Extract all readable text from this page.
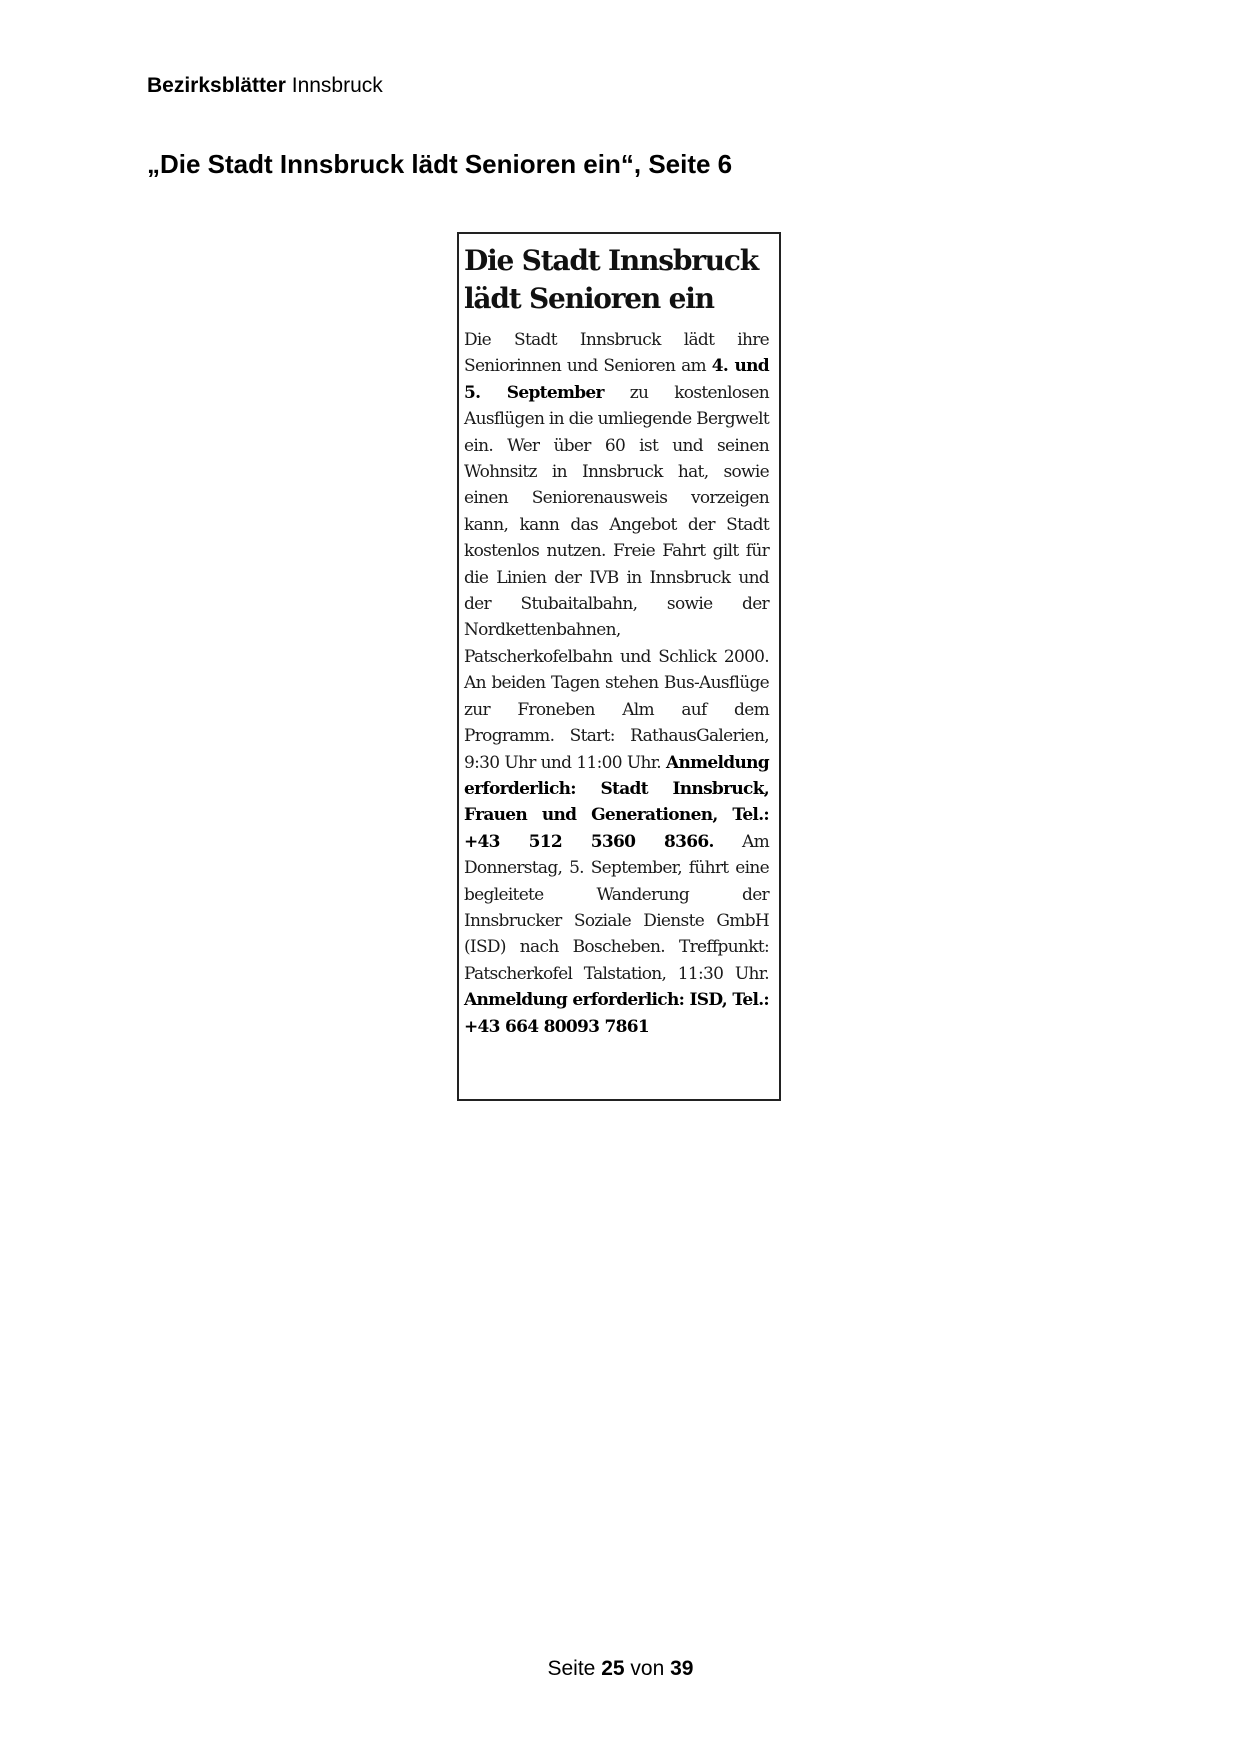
Bezirksblätter Innsbruck
„Die Stadt Innsbruck lädt Senioren ein“, Seite 6
Die Stadt Innsbruck
lädt Senioren ein

Die Stadt Innsbruck lädt ihre Seniorinnen und Senioren am 4. und 5. September zu kostenlosen Ausflügen in die umliegende Bergwelt ein. Wer über 60 ist und seinen Wohnsitz in Innsbruck hat, sowie einen Seniorenausweis vorzeigen kann, kann das Angebot der Stadt kostenlos nutzen. Freie Fahrt gilt für die Linien der IVB in Innsbruck und der Stubaitalbahn, sowie der Nordkettenbahnen, Patscherkofelbahn und Schlick 2000. An beiden Tagen stehen Bus-Ausflüge zur Froneben Alm auf dem Programm. Start: RathausGalerien, 9:30 Uhr und 11:00 Uhr. Anmeldung erforderlich: Stadt Innsbruck, Frauen und Generationen, Tel.: +43 512 5360 8366. Am Donnerstag, 5. September, führt eine begleitete Wanderung der Innsbrucker Soziale Dienste GmbH (ISD) nach Boscheben. Treffpunkt: Patscherkofel Talstation, 11:30 Uhr. Anmeldung erforderlich: ISD, Tel.: +43 664 80093 7861

Seite 25 von 39
